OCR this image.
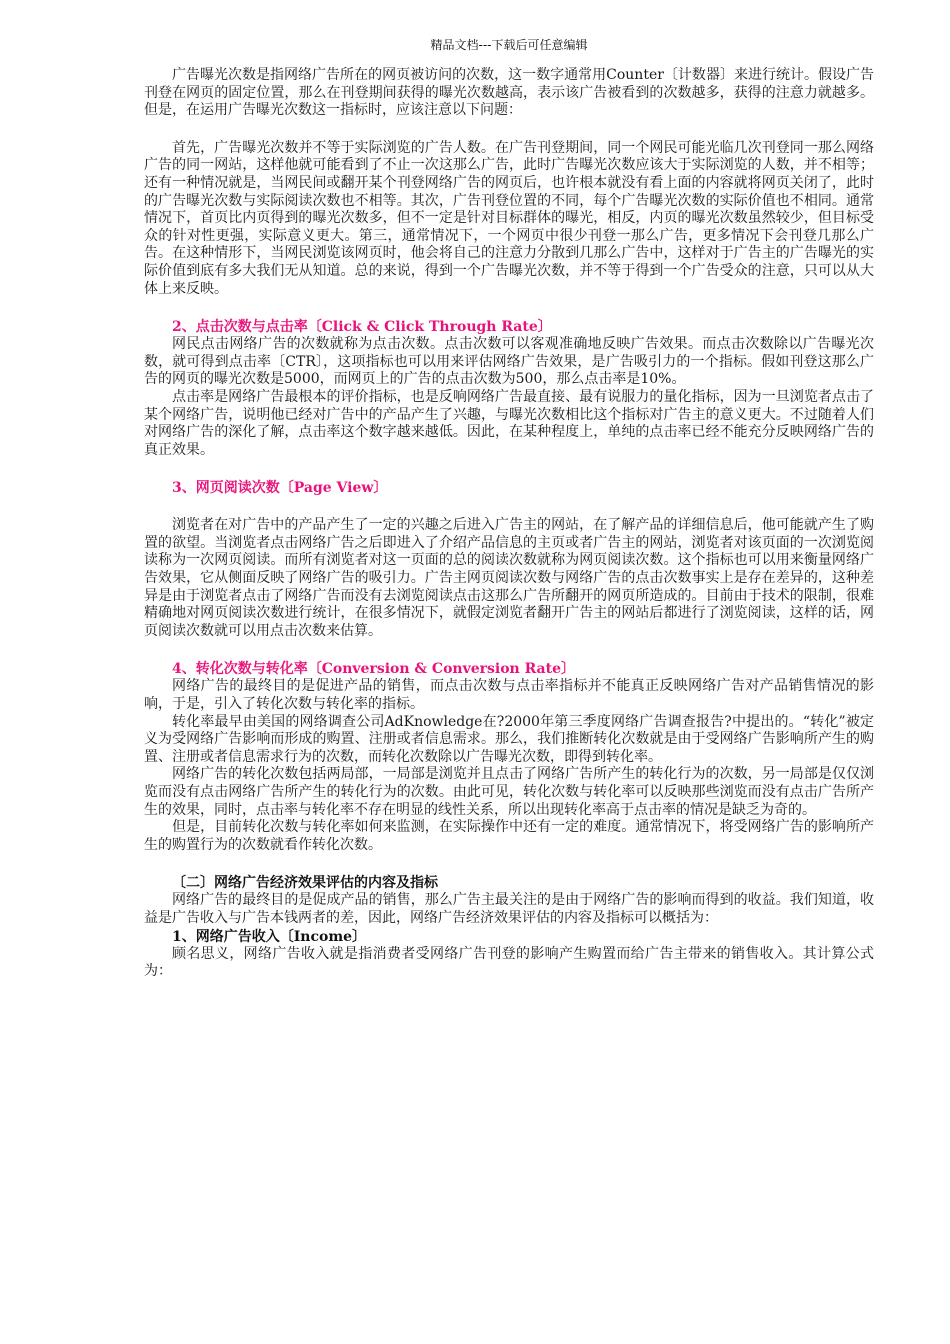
精品文档---下载后可任意编辑

广告曝光次数是指网络广告所在的网页被访问的次数，这一数字通常用Counter〔计数器〕来进行统计。假设广告刊登在网页的固定位置，那么在刊登期间获得的曝光次数越高，表示该广告被看到的次数越多，获得的注意力就越多。但是，在运用广告曝光次数这一指标时，应该注意以下问题：

首先，广告曝光次数并不等于实际浏览的广告人数。在广告刊登期间，同一个网民可能光临几次刊登同一那么网络广告的同一网站，这样他就可能看到了不止一次这那么广告，此时广告曝光次数应该大于实际浏览的人数，并不相等；还有一种情况就是，当网民间或翻开某个刊登网络广告的网页后，也许根本就没有看上面的内容就将网页关闭了，此时的广告曝光次数与实际阅读次数也不相等。其次，广告刊登位置的不同，每个广告曝光次数的实际价值也不相同。通常情况下，首页比内页得到的曝光次数多，但不一定是针对目标群体的曝光，相反，内页的曝光次数虽然较少，但目标受众的针对性更强，实际意义更大。第三，通常情况下，一个网页中很少刊登一那么广告，更多情况下会刊登几那么广告。在这种情形下，当网民浏览该网页时，他会将自己的注意力分散到几那么广告中，这样对于广告主的广告曝光的实际价值到底有多大我们无从知道。总的来说，得到一个广告曝光次数，并不等于得到一个广告受众的注意，只可以从大体上来反映。

2、点击次数与点击率〔Click & Click Through Rate〕

网民点击网络广告的次数就称为点击次数。点击次数可以客观准确地反映广告效果。而点击次数除以广告曝光次数，就可得到点击率〔CTR〕，这项指标也可以用来评估网络广告效果，是广告吸引力的一个指标。假如刊登这那么广告的网页的曝光次数是5000，而网页上的广告的点击次数为500，那么点击率是10%。

点击率是网络广告最根本的评价指标，也是反响网络广告最直接、最有说服力的量化指标，因为一旦浏览者点击了某个网络广告，说明他已经对广告中的产品产生了兴趣，与曝光次数相比这个指标对广告主的意义更大。不过随着人们对网络广告的深化了解，点击率这个数字越来越低。因此，在某种程度上，单纯的点击率已经不能充分反映网络广告的真正效果。

3、网页阅读次数〔Page View〕

浏览者在对广告中的产品产生了一定的兴趣之后进入广告主的网站，在了解产品的详细信息后，他可能就产生了购置的欲望。当浏览者点击网络广告之后即进入了介绍产品信息的主页或者广告主的网站，浏览者对该页面的一次浏览阅读称为一次网页阅读。而所有浏览者对这一页面的总的阅读次数就称为网页阅读次数。这个指标也可以用来衡量网络广告效果，它从侧面反映了网络广告的吸引力。广告主网页阅读次数与网络广告的点击次数事实上是存在差异的，这种差异是由于浏览者点击了网络广告而没有去浏览阅读点击这那么广告所翻开的网页所造成的。目前由于技术的限制，很难精确地对网页阅读次数进行统计，在很多情况下，就假定浏览者翻开广告主的网站后都进行了浏览阅读，这样的话，网页阅读次数就可以用点击次数来估算。

4、转化次数与转化率〔Conversion & Conversion Rate〕

网络广告的最终目的是促进产品的销售，而点击次数与点击率指标并不能真正反映网络广告对产品销售情况的影响，于是，引入了转化次数与转化率的指标。

转化率最早由美国的网络调查公司AdKnowledge在?2000年第三季度网络广告调查报告?中提出的。“转化”被定义为受网络广告影响而形成的购置、注册或者信息需求。那么，我们推断转化次数就是由于受网络广告影响所产生的购置、注册或者信息需求行为的次数，而转化次数除以广告曝光次数，即得到转化率。

网络广告的转化次数包括两局部，一局部是浏览并且点击了网络广告所产生的转化行为的次数，另一局部是仅仅浏览而没有点击网络广告所产生的转化行为的次数。由此可见，转化次数与转化率可以反映那些浏览而没有点击广告所产生的效果，同时，点击率与转化率不存在明显的线性关系，所以出现转化率高于点击率的情况是缺乏为奇的。

但是，目前转化次数与转化率如何来监测，在实际操作中还有一定的难度。通常情况下，将受网络广告的影响所产生的购置行为的次数就看作转化次数。

〔二〕网络广告经济效果评估的内容及指标

网络广告的最终目的是促成产品的销售，那么广告主最关注的是由于网络广告的影响而得到的收益。我们知道，收益是广告收入与广告本钱两者的差，因此，网络广告经济效果评估的内容及指标可以概括为：

1、网络广告收入〔Income〕

顾名思义，网络广告收入就是指消费者受网络广告刊登的影响产生购置而给广告主带来的销售收入。其计算公式为：
